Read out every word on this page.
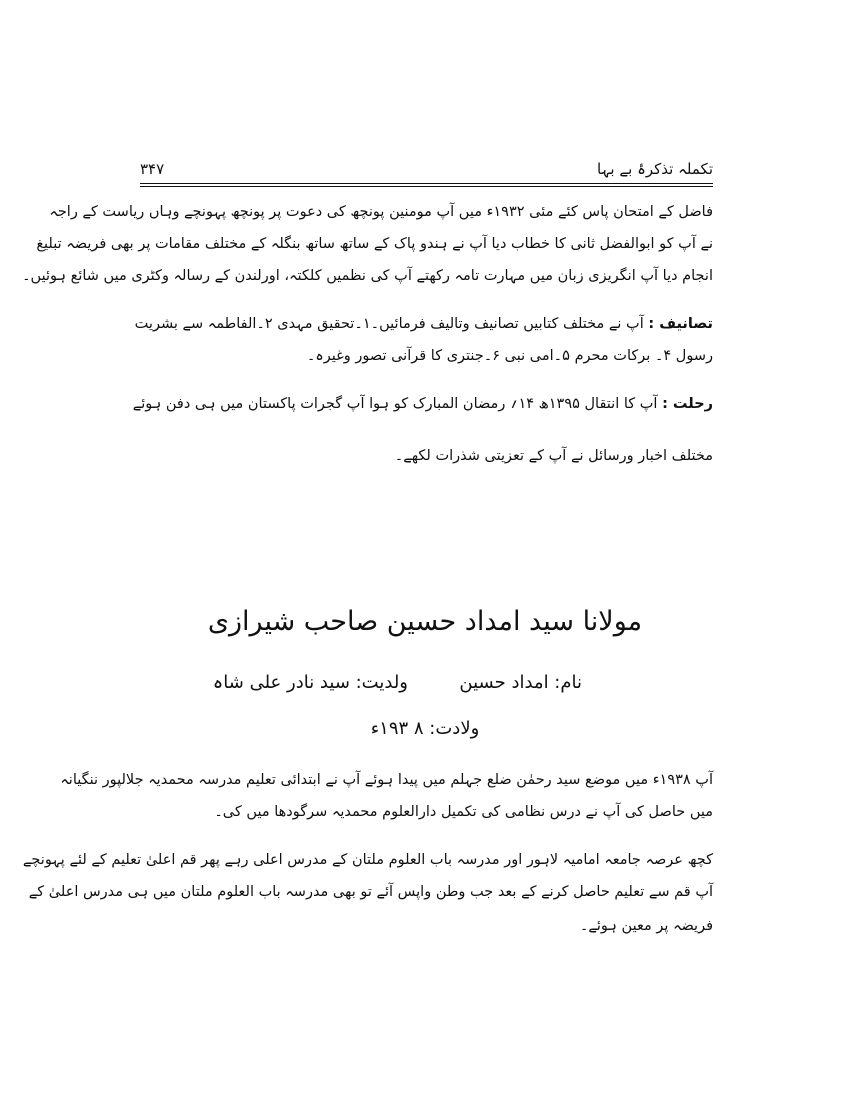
تکملہ تذکرۂ بے بہا
۳۴۷
فاضل کے امتحان پاس کئے مئی ۱۹۳۲ء میں آپ مومنین پونچھ کی دعوت پر پونچھ پہونچے وہاں ریاست کے راجہ
نے آپ کو ابوالفضل ثانی کا خطاب دیا آپ نے ہندو پاک کے ساتھ ساتھ بنگلہ کے مختلف مقامات پر بھی فریضہ تبلیغ
انجام دیا آپ انگریزی زبان میں مہارت تامہ رکھتے آپ کی نظمیں کلکتہ، اورلندن کے رسالہ وکٹری میں شائع ہوئیں۔
تصانیف : آپ نے مختلف کتابیں تصانیف وتالیف فرمائیں۔۱۔تحقیق مہدی ۲۔الفاطمہ سے بشریت
رسول ۴۔ برکات محرم ۵۔امی نبی ۶۔جنتری کا قرآنی تصور وغیرہ۔
رحلت : آپ کا انتقال ۱۳۹۵ھ ۱۴؍ رمضان المبارک کو ہوا آپ گجرات پاکستان میں ہی دفن ہوئے
مختلف اخبار ورسائل نے آپ کے تعزیتی شذرات لکھے۔
مولانا سید امداد حسین صاحب شیرازی
نام: امداد حسین
ولدیت: سید نادر علی شاہ
ولادت: ۸ ۱۹۳ء
آپ ۱۹۳۸ء میں موضع سید رحمٰن ضلع جہلم میں پیدا ہوئے آپ نے ابتدائی تعلیم مدرسہ محمدیہ جلالپور ننگیانہ
میں حاصل کی آپ نے درس نظامی کی تکمیل دارالعلوم محمدیہ سرگودھا میں کی۔
کچھ عرصہ جامعہ امامیہ لاہور اور مدرسہ باب العلوم ملتان کے مدرس اعلی رہے پھر قم اعلیٰ تعلیم کے لئے پہونچے
آپ قم سے تعلیم حاصل کرنے کے بعد جب وطن واپس آئے تو بھی مدرسہ باب العلوم ملتان میں ہی مدرس اعلیٰ کے
فریضہ پر معین ہوئے۔
